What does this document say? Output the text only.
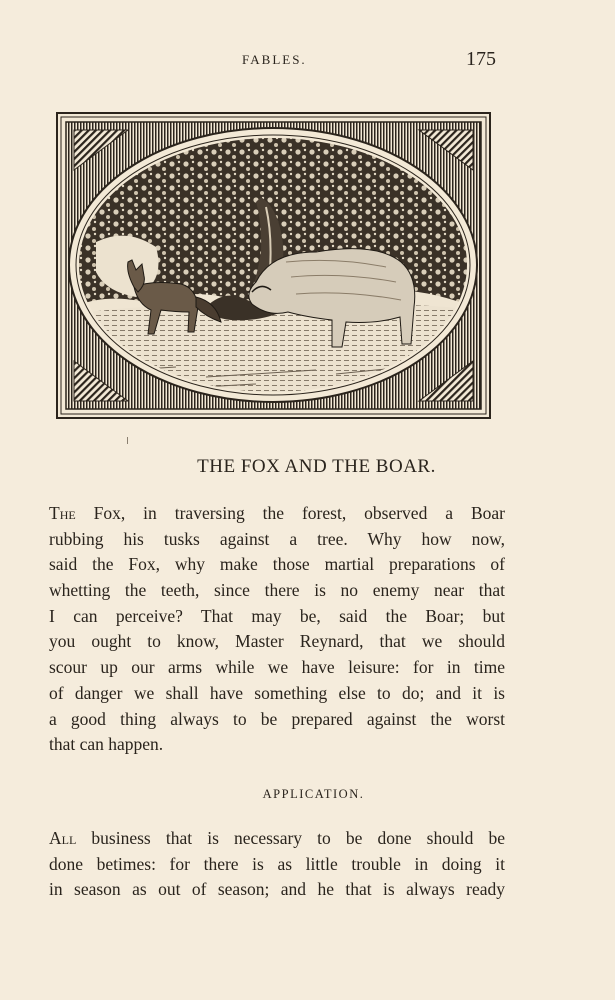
FABLES.	175
THE FOX AND THE BOAR.
The Fox, in traversing the forest, observed a Boar
rubbing his tusks against a tree. Why how now,
said the Fox, why make those martial preparations of
whetting the teeth, since there is no enemy near that
I can perceive? That may be, said the Boar; but
you ought to know, Master Reynard, that we should
scour up our arms while we have leisure: for in time
of danger we shall have something else to do; and it is
a good thing always to be prepared against the worst
that can happen.
APPLICATION.
All business that is necessary to be done should be
done betimes: for there is as little trouble in doing it
in season as out of season; and he that is always ready
